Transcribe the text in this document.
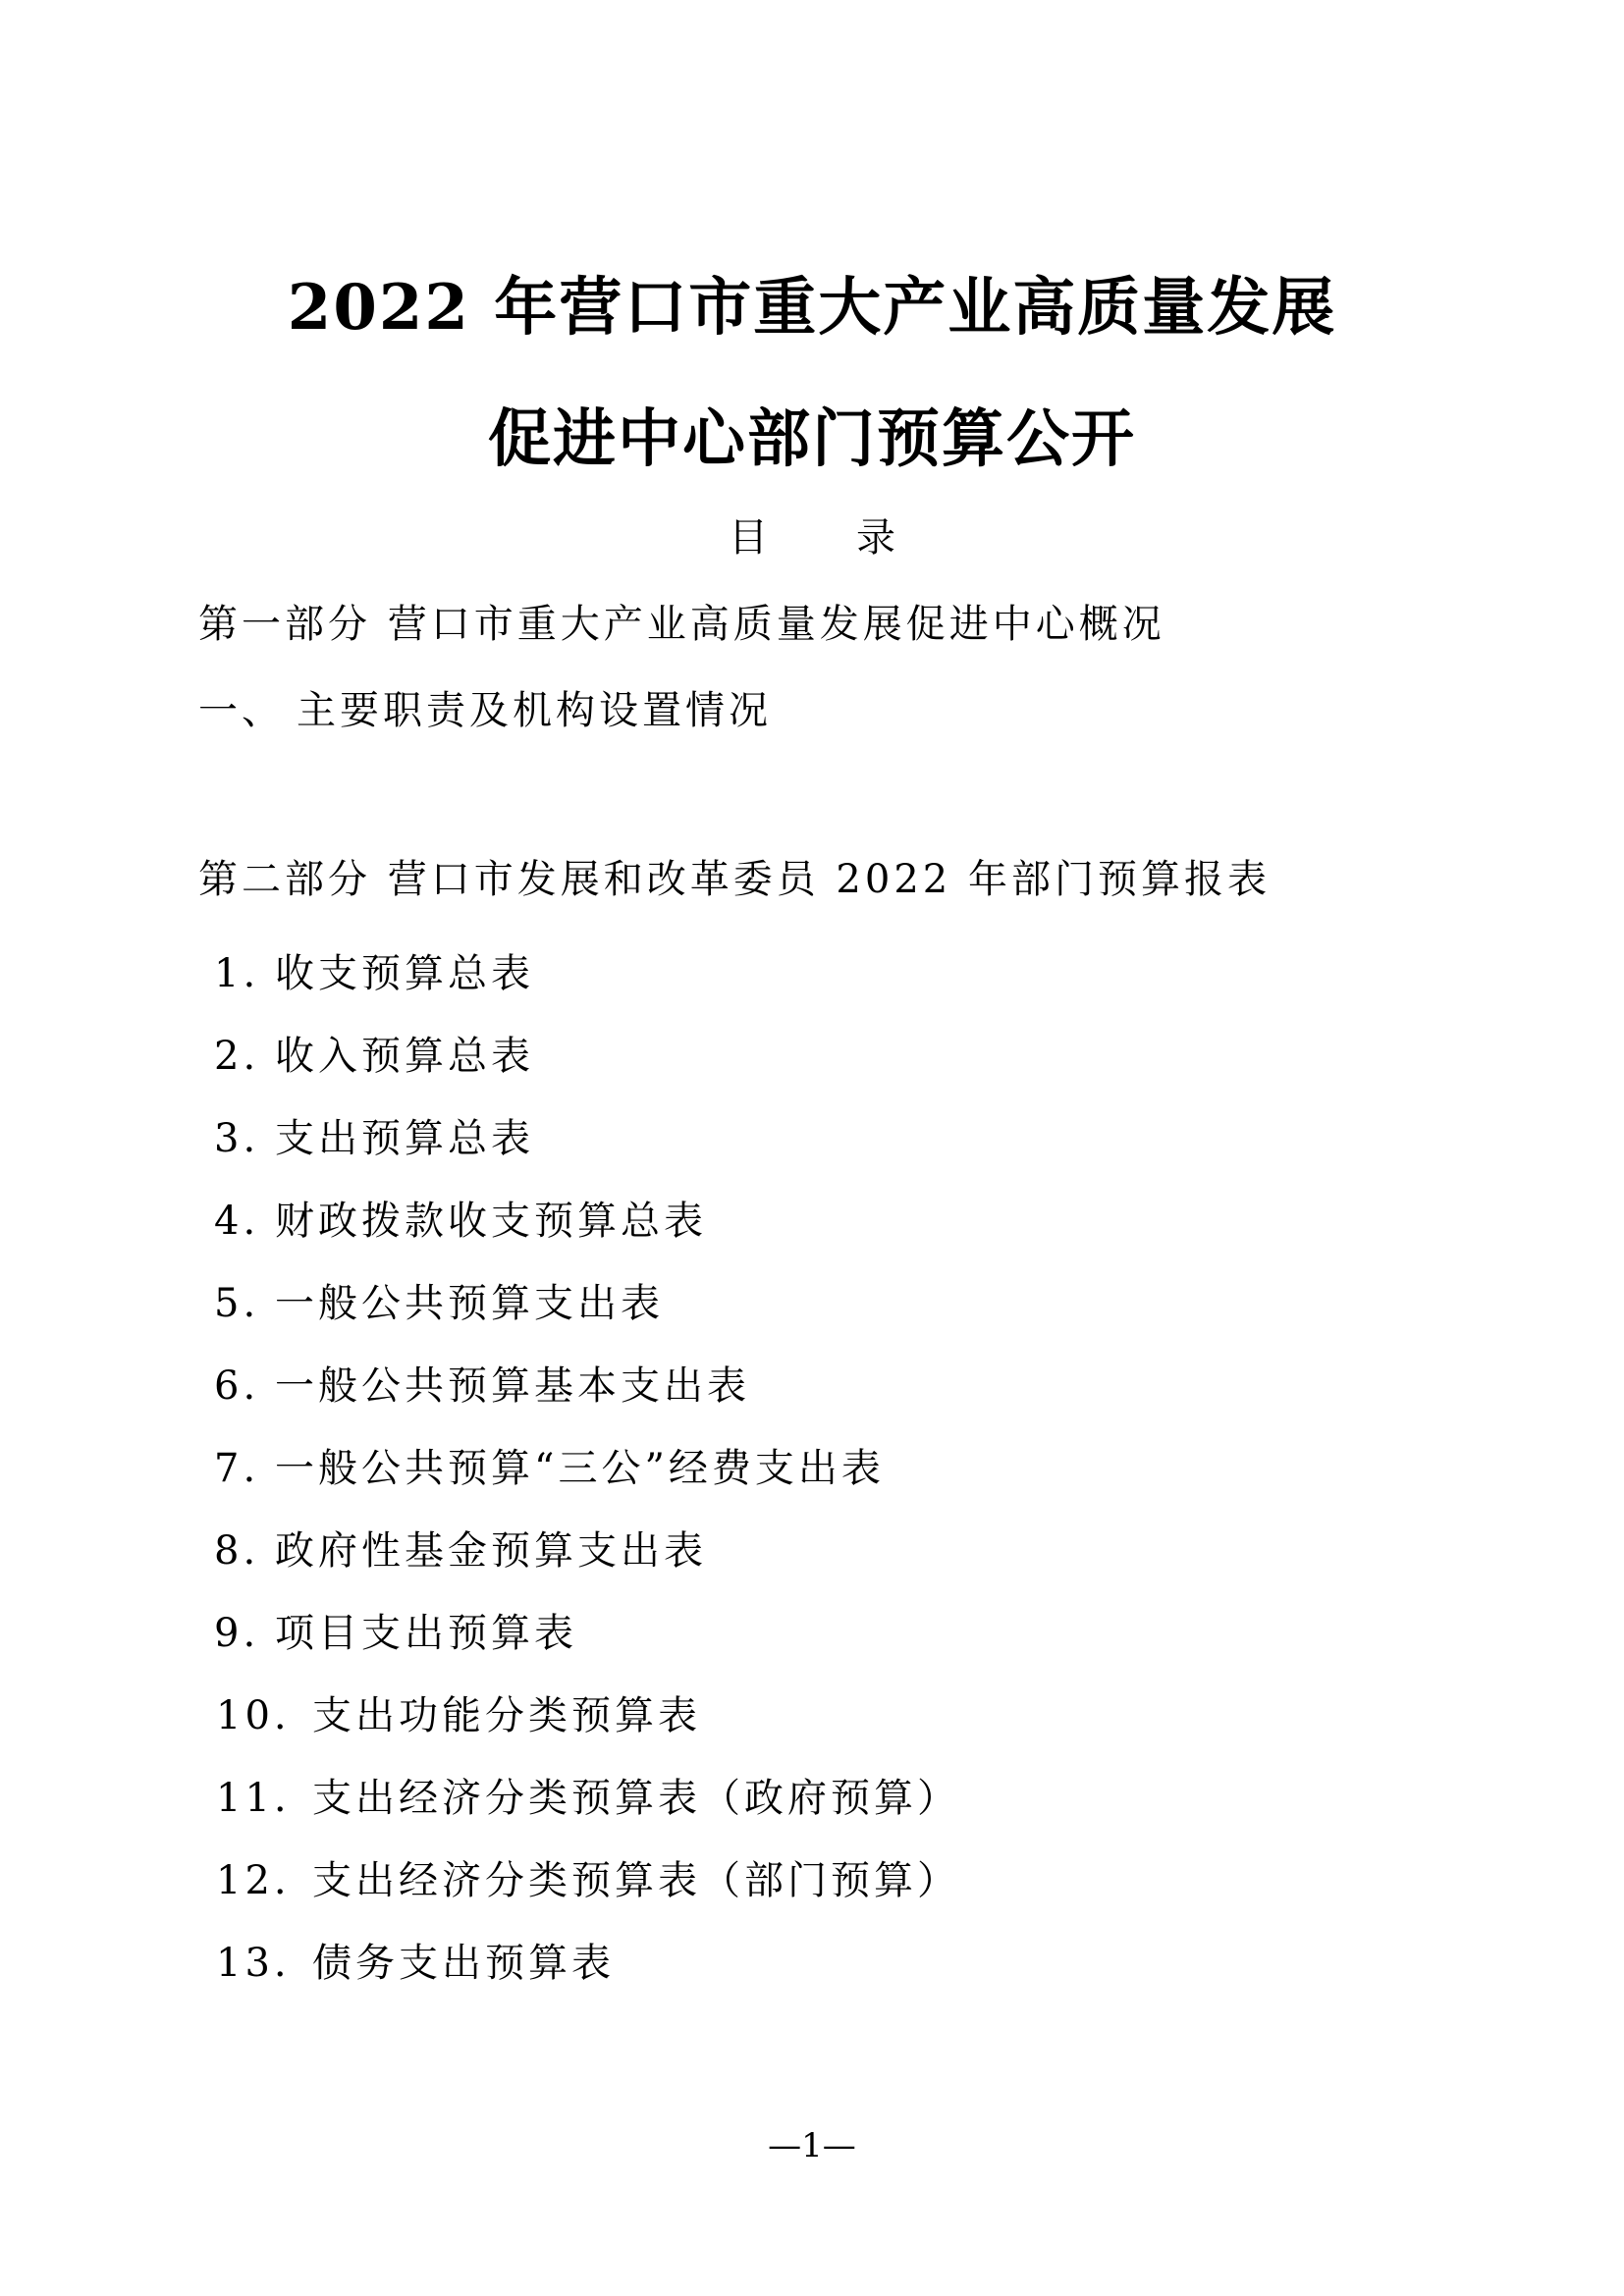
2022 年营口市重大产业高质量发展
促进中心部门预算公开
目 录
第一部分 营口市重大产业高质量发展促进中心概况
一、 主要职责及机构设置情况
第二部分 营口市发展和改革委员 2022 年部门预算报表
1. 收支预算总表
2. 收入预算总表
3. 支出预算总表
4. 财政拨款收支预算总表
5. 一般公共预算支出表
6. 一般公共预算基本支出表
7. 一般公共预算“三公”经费支出表
8. 政府性基金预算支出表
9. 项目支出预算表
10. 支出功能分类预算表
11. 支出经济分类预算表（政府预算）
12. 支出经济分类预算表（部门预算）
13. 债务支出预算表
—1—
